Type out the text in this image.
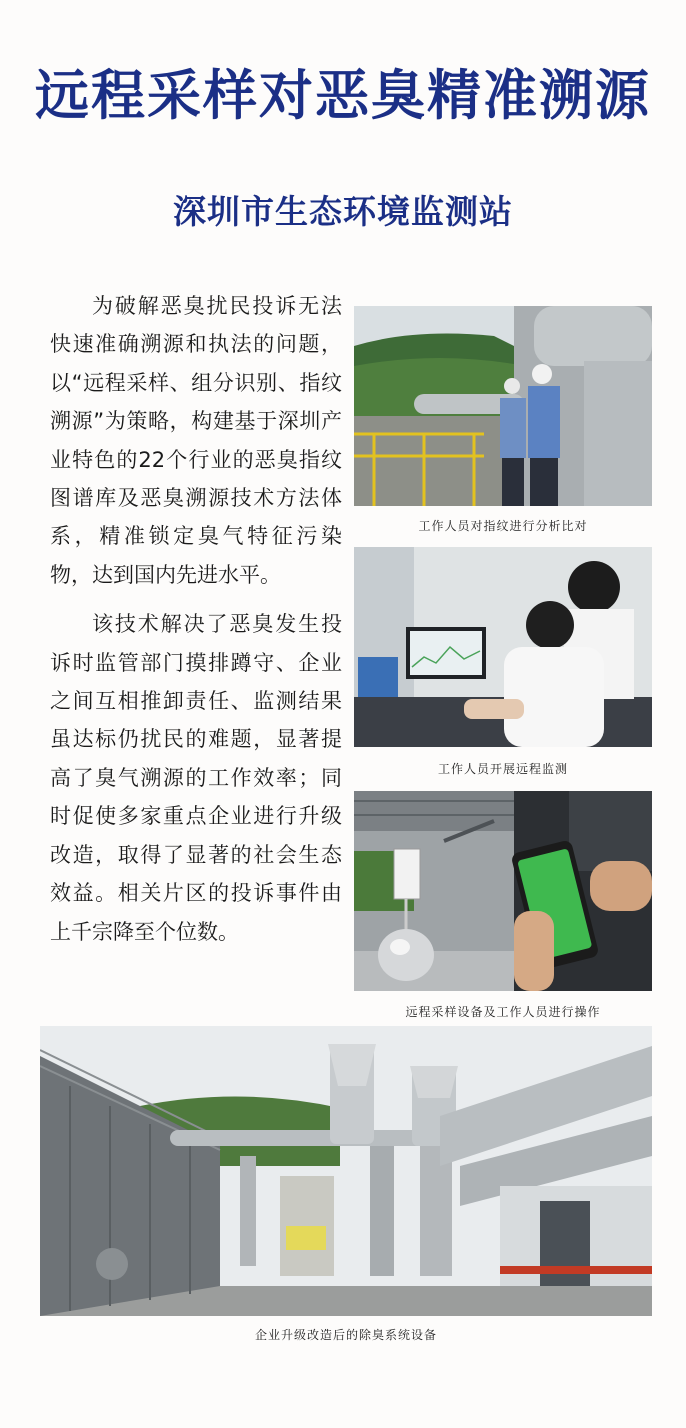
远程采样对恶臭精准溯源
深圳市生态环境监测站

为破解恶臭扰民投诉无法快速准确溯源和执法的问题，以“远程采样、组分识别、指纹溯源”为策略，构建基于深圳产业特色的22个行业的恶臭指纹图谱库及恶臭溯源技术方法体系，精准锁定臭气特征污染物，达到国内先进水平。

该技术解决了恶臭发生投诉时监管部门摸排蹲守、企业之间互相推卸责任、监测结果虽达标仍扰民的难题，显著提高了臭气溯源的工作效率；同时促使多家重点企业进行升级改造，取得了显著的社会生态效益。相关片区的投诉事件由上千宗降至个位数。

工作人员对指纹进行分析比对
工作人员开展远程监测
远程采样设备及工作人员进行操作
企业升级改造后的除臭系统设备
